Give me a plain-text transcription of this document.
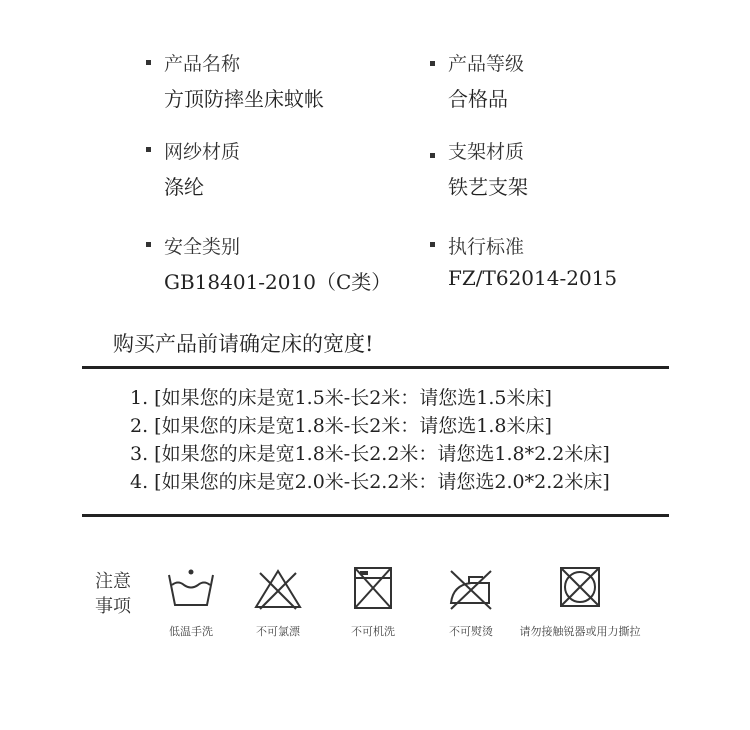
产品名称
方顶防摔坐床蚊帐
产品等级
合格品
网纱材质
涤纶
支架材质
铁艺支架
安全类别
GB18401-2010（C类）
执行标准
FZ/T62014-2015
购买产品前请确定床的宽度!
1. [如果您的床是宽1.5米-长2米：请您选1.5米床]
2. [如果您的床是宽1.8米-长2米：请您选1.8米床]
3. [如果您的床是宽1.8米-长2.2米：请您选1.8*2.2米床]
4. [如果您的床是宽2.0米-长2.2米：请您选2.0*2.2米床]
注意事项
低温手洗	不可氯漂	不可机洗	不可熨烫	请勿接触锐器或用力撕拉
